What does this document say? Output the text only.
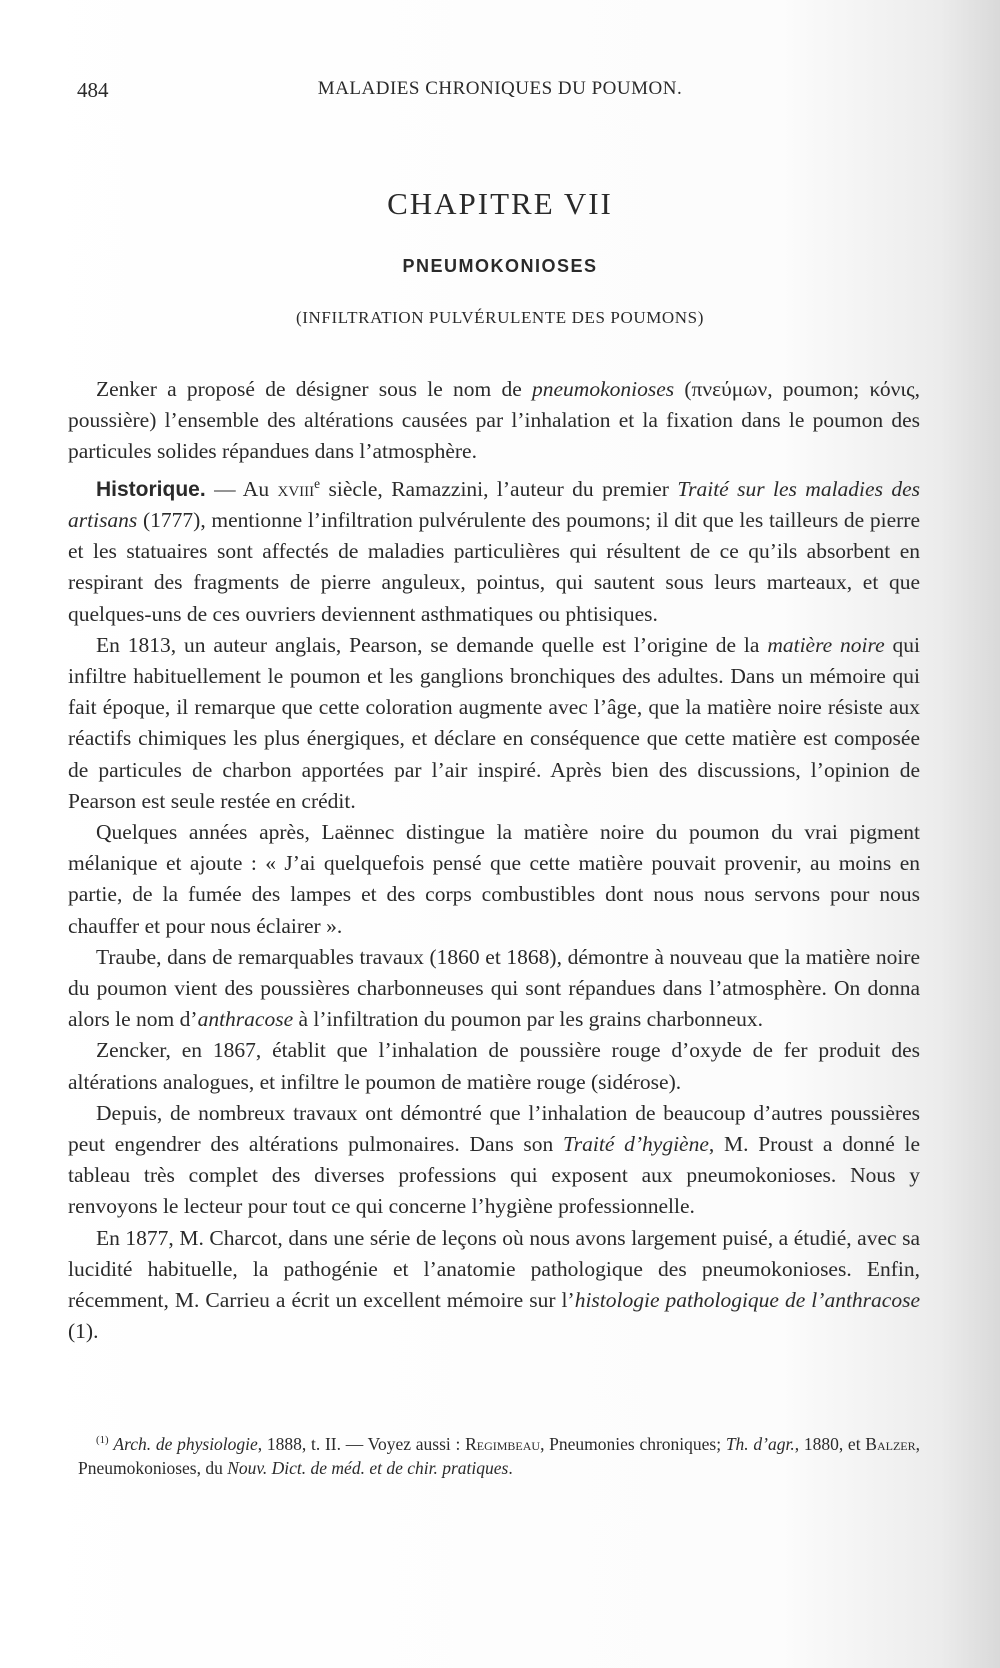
484	MALADIES CHRONIQUES DU POUMON.
CHAPITRE VII
PNEUMOKONIOSES
(INFILTRATION PULVÉRULENTE DES POUMONS)

Zenker a proposé de désigner sous le nom de pneumokonioses (πνεύμων, poumon; κόνις, poussière) l’ensemble des altérations causées par l’inhalation et la fixation dans le poumon des particules solides répandues dans l’atmosphère.

Historique. — Au xviii$^e$ siècle, Ramazzini, l’auteur du premier Traité sur les maladies des artisans (1777), mentionne l’infiltration pulvérulente des poumons; il dit que les tailleurs de pierre et les statuaires sont affectés de maladies particulières qui résultent de ce qu’ils absorbent en respirant des fragments de pierre anguleux, pointus, qui sautent sous leurs marteaux, et que quelques-uns de ces ouvriers deviennent asthmatiques ou phtisiques.

En 1813, un auteur anglais, Pearson, se demande quelle est l’origine de la matière noire qui infiltre habituellement le poumon et les ganglions bronchiques des adultes. Dans un mémoire qui fait époque, il remarque que cette coloration augmente avec l’âge, que la matière noire résiste aux réactifs chimiques les plus énergiques, et déclare en conséquence que cette matière est composée de particules de charbon apportées par l’air inspiré. Après bien des discussions, l’opinion de Pearson est seule restée en crédit.

Quelques années après, Laënnec distingue la matière noire du poumon du vrai pigment mélanique et ajoute : « J’ai quelquefois pensé que cette matière pouvait provenir, au moins en partie, de la fumée des lampes et des corps combustibles dont nous nous servons pour nous chauffer et pour nous éclairer ».

Traube, dans de remarquables travaux (1860 et 1868), démontre à nouveau que la matière noire du poumon vient des poussières charbonneuses qui sont répandues dans l’atmosphère. On donna alors le nom d’anthracose à l’infiltration du poumon par les grains charbonneux.

Zencker, en 1867, établit que l’inhalation de poussière rouge d’oxyde de fer produit des altérations analogues, et infiltre le poumon de matière rouge (sidérose).

Depuis, de nombreux travaux ont démontré que l’inhalation de beaucoup d’autres poussières peut engendrer des altérations pulmonaires. Dans son Traité d’hygiène, M. Proust a donné le tableau très complet des diverses professions qui exposent aux pneumokonioses. Nous y renvoyons le lecteur pour tout ce qui concerne l’hygiène professionnelle.

En 1877, M. Charcot, dans une série de leçons où nous avons largement puisé, a étudié, avec sa lucidité habituelle, la pathogénie et l’anatomie pathologique des pneumokonioses. Enfin, récemment, M. Carrieu a écrit un excellent mémoire sur l’histologie pathologique de l’anthracose (1).

$^{(1)}$ Arch. de physiologie, 1888, t. II. — Voyez aussi : Regimbeau, Pneumonies chroniques; Th. d’agr., 1880, et Balzer, Pneumokonioses, du Nouv. Dict. de méd. et de chir. pratiques.
